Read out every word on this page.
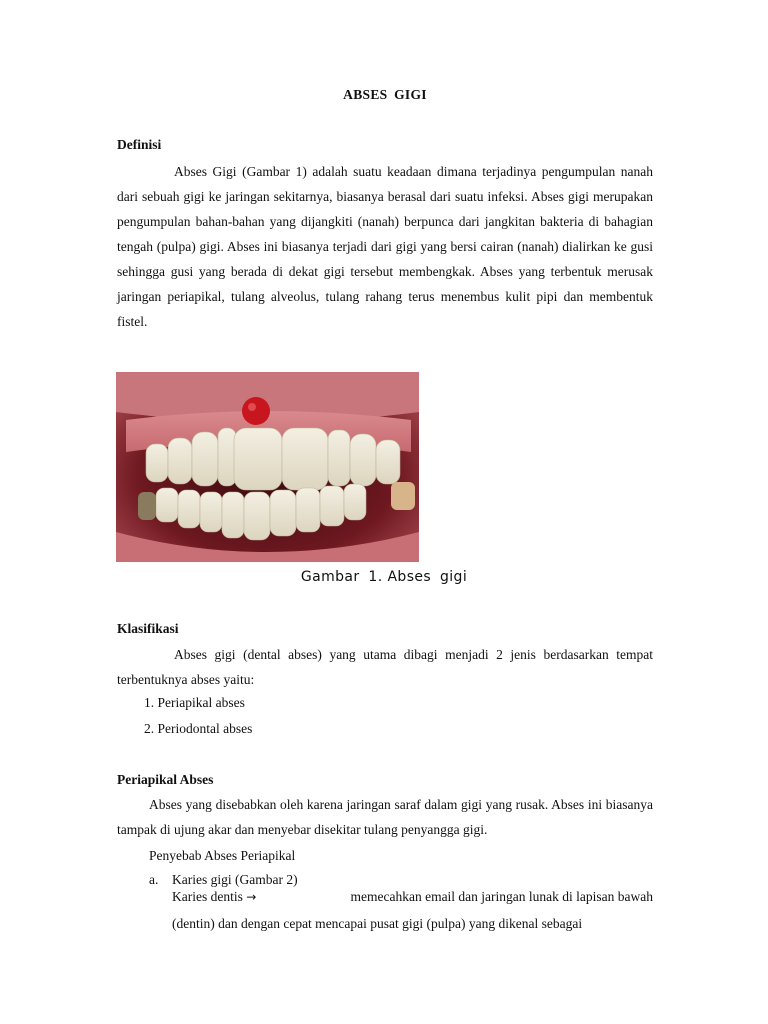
ABSES GIGI
Definisi

Abses Gigi (Gambar 1) adalah suatu keadaan dimana terjadinya pengumpulan nanah dari sebuah gigi ke jaringan sekitarnya, biasanya berasal dari suatu infeksi. Abses gigi merupakan pengumpulan bahan-bahan yang dijangkiti (nanah) berpunca dari jangkitan bakteria di bahagian tengah (pulpa) gigi. Abses ini biasanya terjadi dari gigi yang bersi cairan (nanah) dialirkan ke gusi sehingga gusi yang berada di dekat gigi tersebut membengkak. Abses yang terbentuk merusak jaringan periapikal, tulang alveolus, tulang rahang terus menembus kulit pipi dan membentuk fistel.

Gambar 1. Abses gigi
Klasifikasi

Abses gigi (dental abses) yang utama dibagi menjadi 2 jenis berdasarkan tempat terbentuknya abses yaitu:

1. Periapikal abses
2. Periodontal abses
Periapikal Abses

Abses yang disebabkan oleh karena jaringan saraf dalam gigi yang rusak. Abses ini biasanya tampak di ujung akar dan menyebar disekitar tulang penyangga gigi.

Penyebab Abses Periapikal
a. Karies gigi (Gambar 2)
Karies dentis →	memecahkan email dan jaringan lunak di lapisan bawah
(dentin) dan dengan cepat mencapai pusat gigi (pulpa) yang dikenal sebagai
